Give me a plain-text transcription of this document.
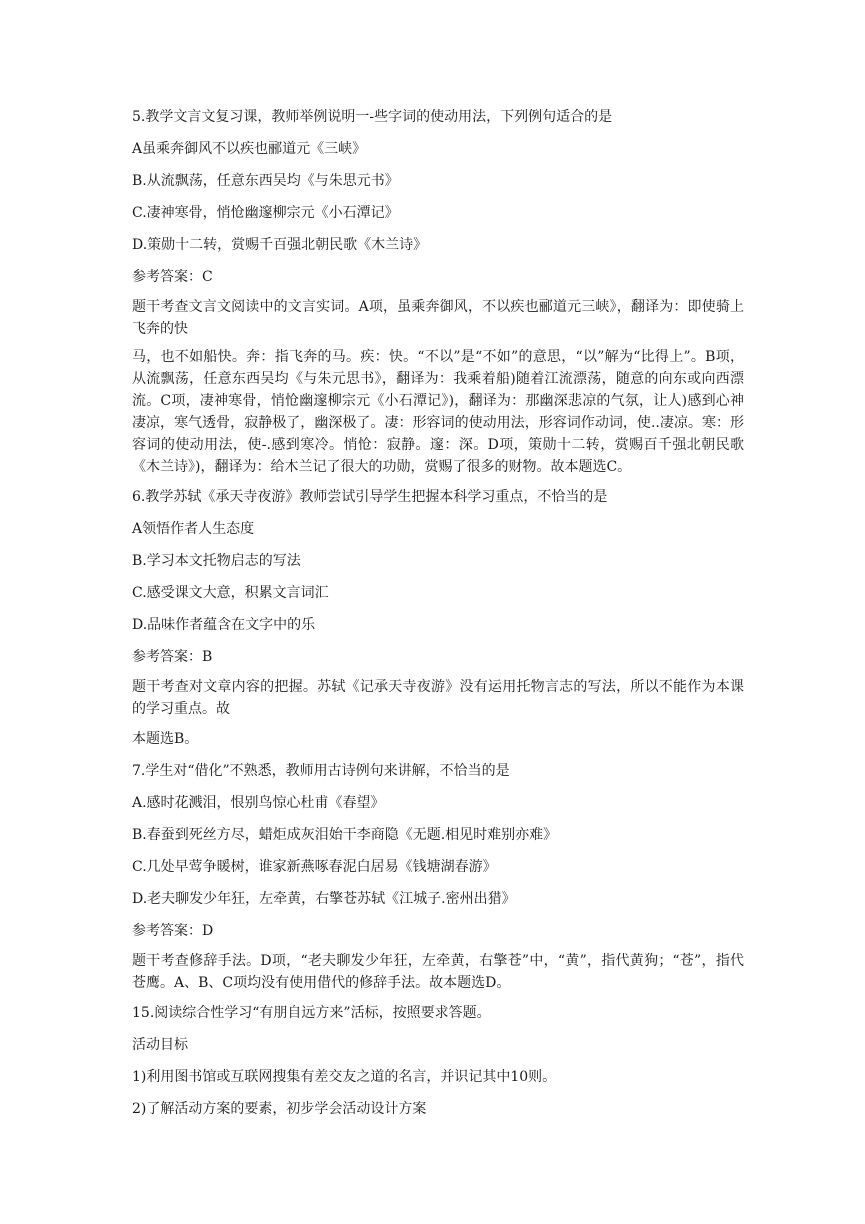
5.教学文言文复习课，教师举例说明一-些字词的使动用法，下列例句适合的是

A虽乘奔御风不以疾也郦道元《三峡》

B.从流飘荡，任意东西吴均《与朱思元书》

C.凄神寒骨，悄怆幽邃柳宗元《小石潭记》

D.策勋十二转，赏赐千百强北朝民歌《木兰诗》

参考答案：C

题干考查文言文阅读中的文言实词。A项，虽乘奔御风，不以疾也郦道元三峡》，翻译为：即使骑上飞奔的快

马，也不如船快。奔：指飞奔的马。疾：快。“不以”是“不如”的意思，“以”解为“比得上”。B项，从流飘荡，任意东西吴均《与朱元思书》，翻译为：我乘着船)随着江流漂荡，随意的向东或向西漂流。C项，凄神寒骨，悄怆幽邃柳宗元《小石潭记》)，翻译为：那幽深悲凉的气氛，让人)感到心神凄凉，寒气透骨，寂静极了，幽深极了。凄：形容词的使动用法，形容词作动词，使..凄凉。寒：形容词的使动用法，使-.感到寒冷。悄怆：寂静。邃：深。D项，策勋十二转，赏赐百千强北朝民歌《木兰诗》)，翻译为：给木兰记了很大的功勋，赏赐了很多的财物。故本题选C。

6.教学苏轼《承天寺夜游》教师尝试引导学生把握本科学习重点，不恰当的是

A领悟作者人生态度

B.学习本文托物启志的写法

C.感受课文大意，积累文言词汇

D.品味作者蕴含在文字中的乐

参考答案：B

题干考查对文章内容的把握。苏轼《记承天寺夜游》没有运用托物言志的写法，所以不能作为本课的学习重点。故

本题选B。

7.学生对“借化”不熟悉，教师用古诗例句来讲解，不恰当的是

A.感时花溅泪，恨别鸟惊心杜甫《春望》

B.春蚕到死丝方尽，蜡炬成灰泪始干李商隐《无题.相见时难别亦难》

C.几处早莺争暖树，谁家新燕啄春泥白居易《钱塘湖春游》

D.老夫聊发少年狂，左牵黄，右擎苍苏轼《江城子.密州出猎》

参考答案：D

题干考查修辞手法。D项，“老夫聊发少年狂，左牵黄，右擎苍”中，“黄”，指代黄狗；“苍”，指代苍鹰。A、B、C项均没有使用借代的修辞手法。故本题选D。

15.阅读综合性学习“有朋自远方来”活标，按照要求答题。

活动目标

1)利用图书馆或互联网搜集有差交友之道的名言，并识记其中10则。

2)了解活动方案的要素，初步学会活动设计方案
